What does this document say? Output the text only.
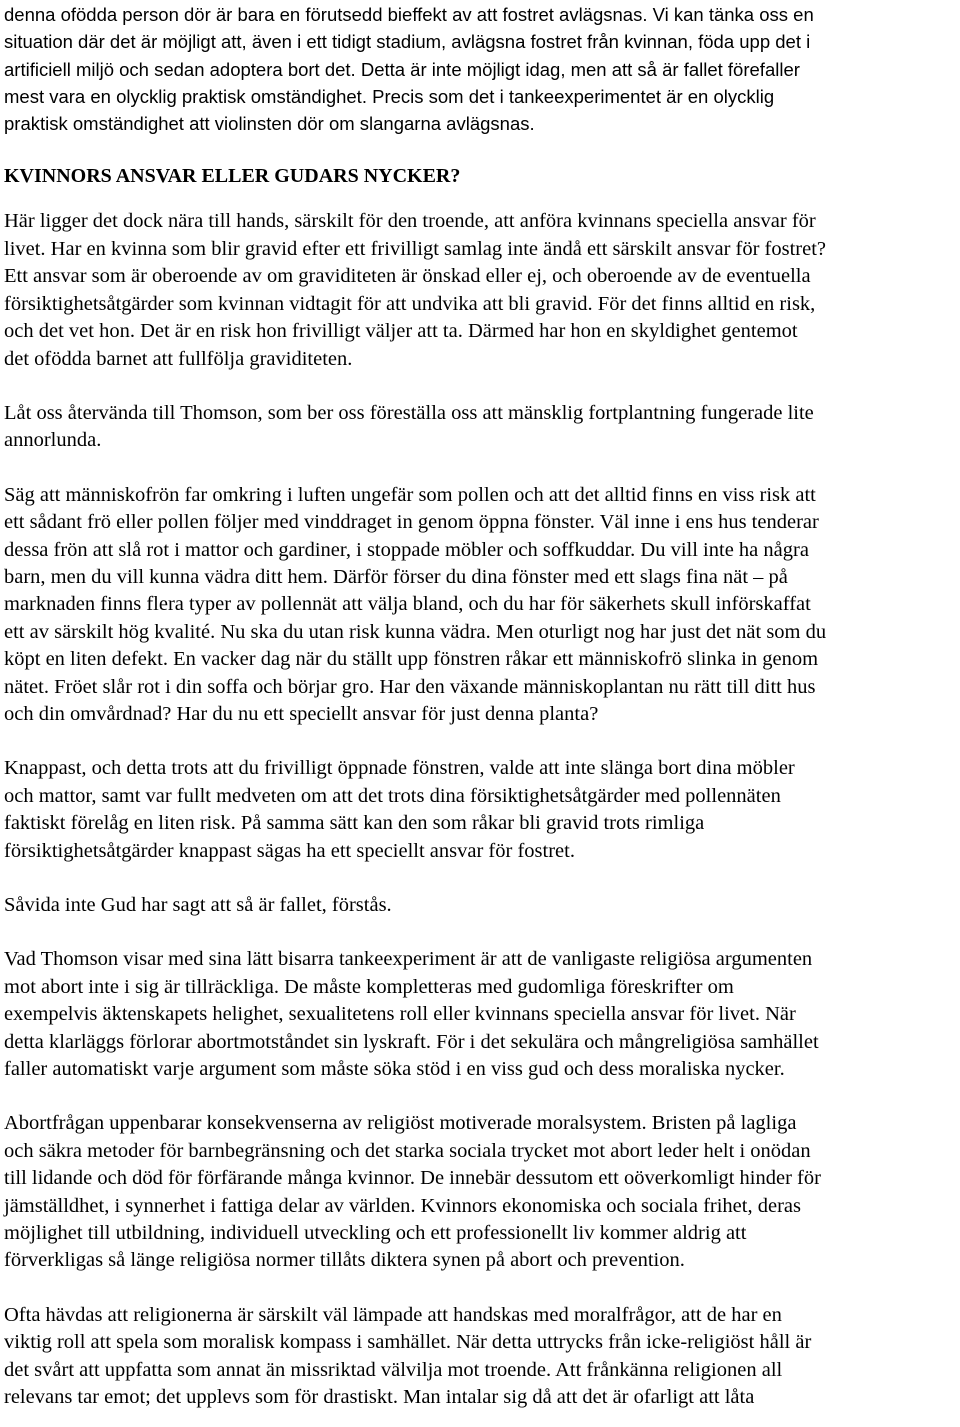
denna ofödda person dör är bara en förutsedd bieffekt av att fostret avlägsnas. Vi kan tänka oss en
situation där det är möjligt att, även i ett tidigt stadium, avlägsna fostret från kvinnan, föda upp det i
artificiell miljö och sedan adoptera bort det. Detta är inte möjligt idag, men att så är fallet förefaller
mest vara en olycklig praktisk omständighet. Precis som det i tankeexperimentet är en olycklig
praktisk omständighet att violinsten dör om slangarna avlägsnas.

KVINNORS ANSVAR ELLER GUDARS NYCKER?

Här ligger det dock nära till hands, särskilt för den troende, att anföra kvinnans speciella ansvar för
livet. Har en kvinna som blir gravid efter ett frivilligt samlag inte ändå ett särskilt ansvar för fostret?
Ett ansvar som är oberoende av om graviditeten är önskad eller ej, och oberoende av de eventuella
försiktighetsåtgärder som kvinnan vidtagit för att undvika att bli gravid. För det finns alltid en risk,
och det vet hon. Det är en risk hon frivilligt väljer att ta. Därmed har hon en skyldighet gentemot
det ofödda barnet att fullfölja graviditeten.

Låt oss återvända till Thomson, som ber oss föreställa oss att mänsklig fortplantning fungerade lite
annorlunda.

Säg att människofrön far omkring i luften ungefär som pollen och att det alltid finns en viss risk att
ett sådant frö eller pollen följer med vinddraget in genom öppna fönster. Väl inne i ens hus tenderar
dessa frön att slå rot i mattor och gardiner, i stoppade möbler och soffkuddar. Du vill inte ha några
barn, men du vill kunna vädra ditt hem. Därför förser du dina fönster med ett slags fina nät – på
marknaden finns flera typer av pollennät att välja bland, och du har för säkerhets skull införskaffat
ett av särskilt hög kvalité. Nu ska du utan risk kunna vädra. Men oturligt nog har just det nät som du
köpt en liten defekt. En vacker dag när du ställt upp fönstren råkar ett människofrö slinka in genom
nätet. Fröet slår rot i din soffa och börjar gro. Har den växande människoplantan nu rätt till ditt hus
och din omvårdnad? Har du nu ett speciellt ansvar för just denna planta?

Knappast, och detta trots att du frivilligt öppnade fönstren, valde att inte slänga bort dina möbler
och mattor, samt var fullt medveten om att det trots dina försiktighetsåtgärder med pollennäten
faktiskt förelåg en liten risk. På samma sätt kan den som råkar bli gravid trots rimliga
försiktighetsåtgärder knappast sägas ha ett speciellt ansvar för fostret.

Såvida inte Gud har sagt att så är fallet, förstås.

Vad Thomson visar med sina lätt bisarra tankeexperiment är att de vanligaste religiösa argumenten
mot abort inte i sig är tillräckliga. De måste kompletteras med gudomliga föreskrifter om
exempelvis äktenskapets helighet, sexualitetens roll eller kvinnans speciella ansvar för livet. När
detta klarläggs förlorar abortmotståndet sin lyskraft. För i det sekulära och mångreligiösa samhället
faller automatiskt varje argument som måste söka stöd i en viss gud och dess moraliska nycker.

Abortfrågan uppenbarar konsekvenserna av religiöst motiverade moralsystem. Bristen på lagliga
och säkra metoder för barnbegränsning och det starka sociala trycket mot abort leder helt i onödan
till lidande och död för förfärande många kvinnor. De innebär dessutom ett oöverkomligt hinder för
jämställdhet, i synnerhet i fattiga delar av världen. Kvinnors ekonomiska och sociala frihet, deras
möjlighet till utbildning, individuell utveckling och ett professionellt liv kommer aldrig att
förverkligas så länge religiösa normer tillåts diktera synen på abort och prevention.

Ofta hävdas att religionerna är särskilt väl lämpade att handskas med moralfrågor, att de har en
viktig roll att spela som moralisk kompass i samhället. När detta uttrycks från icke-religiöst håll är
det svårt att uppfatta som annat än missriktad välvilja mot troende. Att frånkänna religionen all
relevans tar emot; det upplevs som för drastiskt. Man intalar sig då att det är ofarligt att låta
